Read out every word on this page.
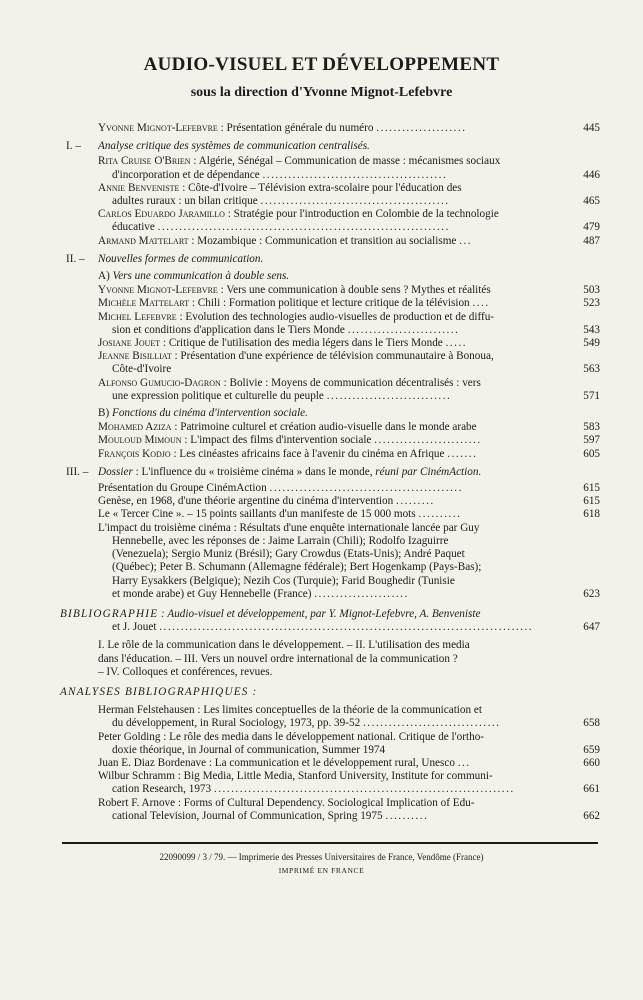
AUDIO-VISUEL ET DÉVELOPPEMENT
sous la direction d'Yvonne Mignot-Lefebvre
Yvonne Mignot-Lefebvre : Présentation générale du numéro .....................	445
I. –	Analyse critique des systèmes de communication centralisés.
Rita Cruise O'Brien : Algérie, Sénégal – Communication de masse : mécanismes sociaux
d'incorporation et de dépendance ...........................................	446
Annie Benveniste : Côte-d'Ivoire – Télévision extra-scolaire pour l'éducation des
adultes ruraux : un bilan critique ............................................	465
Carlos Eduardo Jaramillo : Stratégie pour l'introduction en Colombie de la technologie
éducative ....................................................................	479
Armand Mattelart : Mozambique : Communication et transition au socialisme ...	487
II. –	Nouvelles formes de communication.
A) Vers une communication à double sens.
Yvonne Mignot-Lefebvre : Vers une communication à double sens ? Mythes et réalités	503
Michèle Mattelart : Chili : Formation politique et lecture critique de la télévision ....	523
Michel Lefebvre : Evolution des technologies audio-visuelles de production et de diffu-
sion et conditions d'application dans le Tiers Monde ..........................	543
Josiane Jouet : Critique de l'utilisation des media légers dans le Tiers Monde .....	549
Jeanne Bisilliat : Présentation d'une expérience de télévision communautaire à Bonoua,
Côte-d'Ivoire	563
Alfonso Gumucio-Dagron : Bolivie : Moyens de communication décentralisés : vers
une expression politique et culturelle du peuple .............................	571
B) Fonctions du cinéma d'intervention sociale.
Mohamed Aziza : Patrimoine culturel et création audio-visuelle dans le monde arabe	583
Mouloud Mimoun : L'impact des films d'intervention sociale .........................	597
François Kodjo : Les cinéastes africains face à l'avenir du cinéma en Afrique .......	605
III. – Dossier : L'influence du « troisième cinéma » dans le monde, réuni par CinémAction.
Présentation du Groupe CinémAction .............................................	615
Genèse, en 1968, d'une théorie argentine du cinéma d'intervention .........	615
Le « Tercer Cine ». – 15 points saillants d'un manifeste de 15 000 mots ..........	618
L'impact du troisième cinéma : Résultats d'une enquête internationale lancée par Guy
Hennebelle, avec les réponses de : Jaime Larrain (Chili); Rodolfo Izaguirre
(Venezuela); Sergio Muniz (Brésil); Gary Crowdus (Etats-Unis); André Paquet
(Québec); Peter B. Schumann (Allemagne fédérale); Bert Hogenkamp (Pays-Bas);
Harry Eysakkers (Belgique); Nezih Cos (Turquie); Farid Boughedir (Tunisie
et monde arabe) et Guy Hennebelle (France) ......................	623
BIBLIOGRAPHIE : Audio-visuel et développement, par Y. Mignot-Lefebvre, A. Benveniste
et J. Jouet .......................................................................................	647
I. Le rôle de la communication dans le développement. – II. L'utilisation des media
dans l'éducation. – III. Vers un nouvel ordre international de la communication ?
– IV. Colloques et conférences, revues.
ANALYSES BIBLIOGRAPHIQUES :
Herman Felstehausen : Les limites conceptuelles de la théorie de la communication et
du développement, in Rural Sociology, 1973, pp. 39-52 ................................	658
Peter Golding : Le rôle des media dans le développement national. Critique de l'ortho-
doxie théorique, in Journal of communication, Summer 1974	659
Juan E. Diaz Bordenave : La communication et le développement rural, Unesco ...	660
Wilbur Schramm : Big Media, Little Media, Stanford University, Institute for communi-
cation Research, 1973 ......................................................................	661
Robert F. Arnove : Forms of Cultural Dependency. Sociological Implication of Edu-
cational Television, Journal of Communication, Spring 1975 ..........	662
22090099 / 3 / 79. — Imprimerie des Presses Universitaires de France, Vendôme (France)
IMPRIMÉ EN FRANCE
